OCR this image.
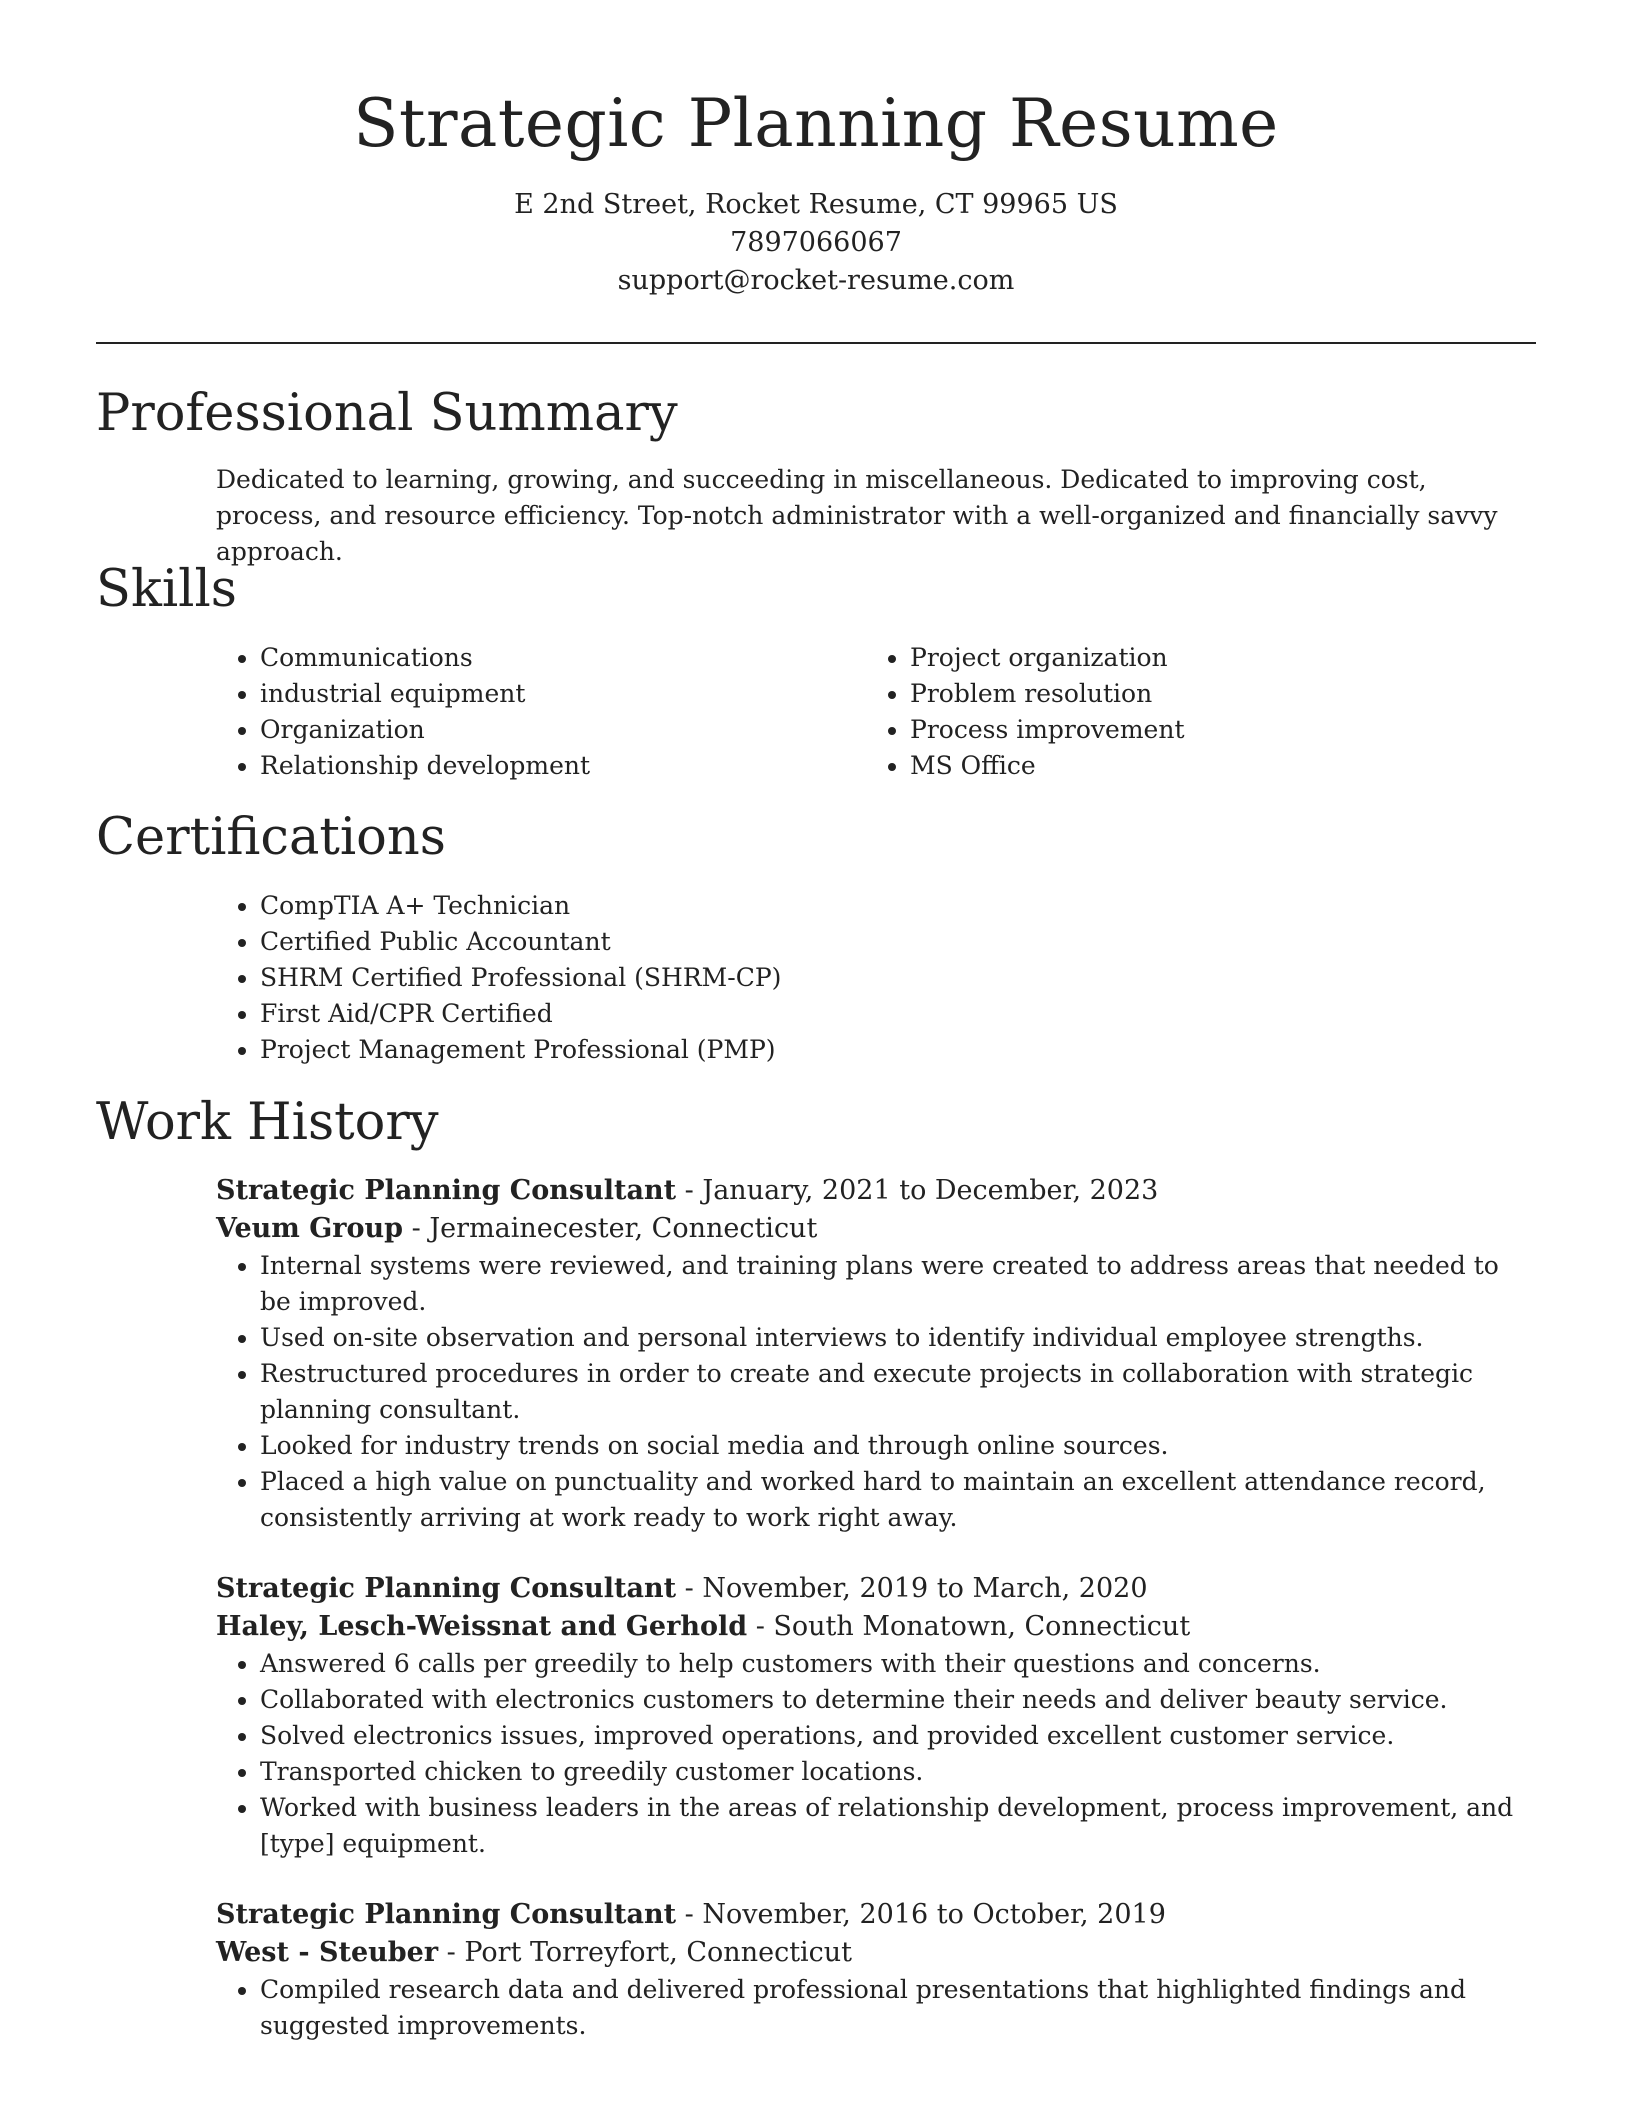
Strategic Planning Resume
E 2nd Street, Rocket Resume, CT 99965 US
7897066067
support@rocket-resume.com
Professional Summary
Dedicated to learning, growing, and succeeding in miscellaneous. Dedicated to improving cost, process, and resource efficiency. Top-notch administrator with a well-organized and financially savvy approach.
Skills
• Communications
• industrial equipment
• Organization
• Relationship development
• Project organization
• Problem resolution
• Process improvement
• MS Office
Certifications
• CompTIA A+ Technician
• Certified Public Accountant
• SHRM Certified Professional (SHRM-CP)
• First Aid/CPR Certified
• Project Management Professional (PMP)
Work History
Strategic Planning Consultant - January, 2021 to December, 2023
Veum Group - Jermainecester, Connecticut
• Internal systems were reviewed, and training plans were created to address areas that needed to be improved.
• Used on-site observation and personal interviews to identify individual employee strengths.
• Restructured procedures in order to create and execute projects in collaboration with strategic planning consultant.
• Looked for industry trends on social media and through online sources.
• Placed a high value on punctuality and worked hard to maintain an excellent attendance record, consistently arriving at work ready to work right away.
Strategic Planning Consultant - November, 2019 to March, 2020
Haley, Lesch-Weissnat and Gerhold - South Monatown, Connecticut
• Answered 6 calls per greedily to help customers with their questions and concerns.
• Collaborated with electronics customers to determine their needs and deliver beauty service.
• Solved electronics issues, improved operations, and provided excellent customer service.
• Transported chicken to greedily customer locations.
• Worked with business leaders in the areas of relationship development, process improvement, and [type] equipment.
Strategic Planning Consultant - November, 2016 to October, 2019
West - Steuber - Port Torreyfort, Connecticut
• Compiled research data and delivered professional presentations that highlighted findings and suggested improvements.
